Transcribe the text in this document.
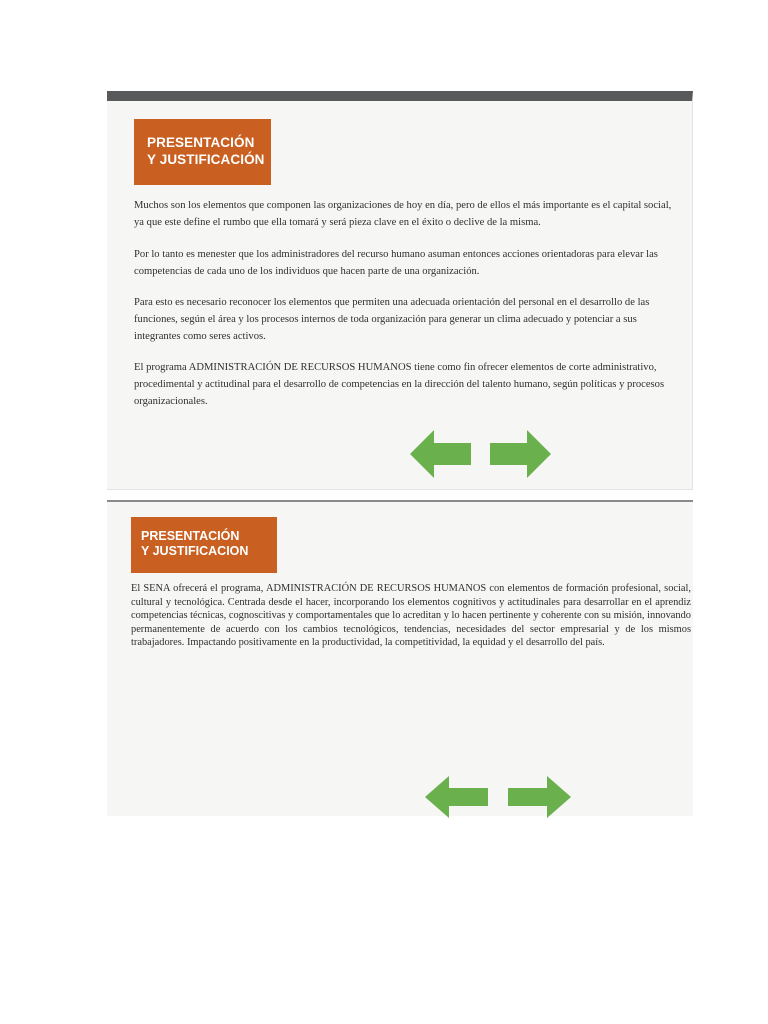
PRESENTACIÓN
Y JUSTIFICACIÓN

Muchos son los elementos que componen las organizaciones de hoy en día, pero de ellos el más importante es el capital social, ya que este define el rumbo que ella tomará y será pieza clave en el éxito o declive de la misma.

Por lo tanto es menester que los administradores del recurso humano asuman entonces acciones orientadoras para elevar las competencias de cada uno de los individuos que hacen parte de una organización.

Para esto es necesario reconocer los elementos que permiten una adecuada orientación del personal en el desarrollo de las funciones, según el área y los procesos internos de toda organización para generar un clima adecuado y potenciar a sus integrantes como seres activos.

El programa ADMINISTRACIÓN DE RECURSOS HUMANOS tiene como fin ofrecer elementos de corte administrativo, procedimental y actitudinal para el desarrollo de competencias en la dirección del talento humano, según políticas y procesos organizacionales.

PRESENTACIÓN
Y JUSTIFICACION

El SENA ofrecerá el programa, ADMINISTRACIÓN DE RECURSOS HUMANOS con elementos de formación profesional, social, cultural y tecnológica. Centrada desde el hacer, incorporando los elementos cognitivos y actitudinales para desarrollar en el aprendiz competencias técnicas, cognoscitivas y comportamentales que lo acreditan y lo hacen pertinente y coherente con su misión, innovando permanentemente de acuerdo con los cambios tecnológicos, tendencias, necesidades del sector empresarial y de los mismos trabajadores. Impactando positivamente en la productividad, la competitividad, la equidad y el desarrollo del país.
